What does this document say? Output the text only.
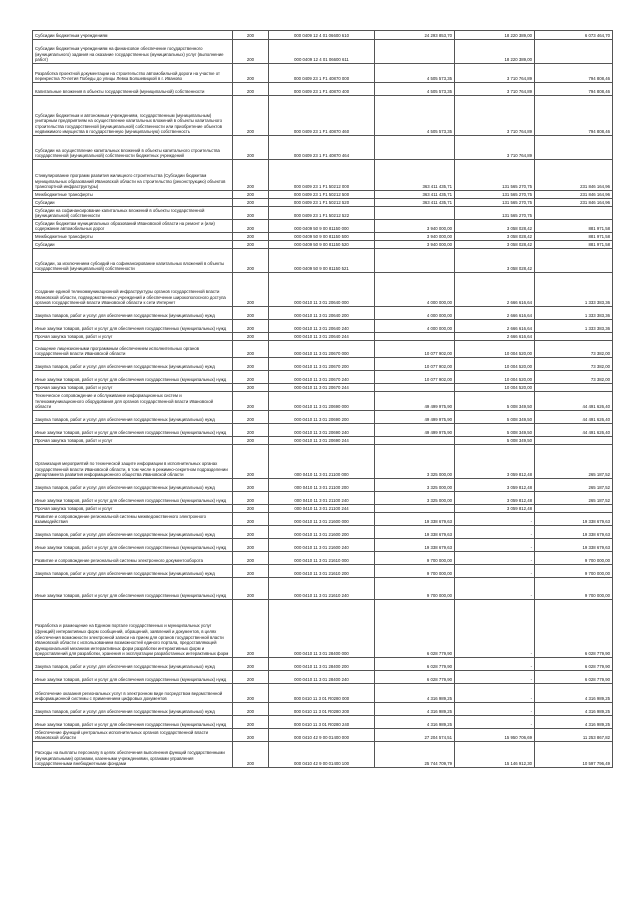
Субсидии бюджетным учреждениям	200	000 0409 12 4 01 06600 610	24 293 853,70	18 220 389,00	6 073 464,70
Субсидии бюджетным учреждениям на финансовое обеспечение государственного (муниципального) задания на оказание государственных (муниципальных) услуг (выполнение работ)	200	000 0409 12 4 01 06600 611		18 220 389,00	
Разработка проектной документации на строительство автомобильной дороги на участке от перекрестка 70-летия Победы до улицы Левка Болшевицкой в г. Иваново	200	000 0409 23 1 F1 40870 000	4 505 573,35	3 710 764,89	794 808,46
Капитальные вложения в объекты государственной (муниципальной) собственности	200	000 0409 23 1 F1 40870 400	4 505 573,35	3 710 764,89	794 808,46
Субсидии бюджетным и автономным учреждениям, государственным (муниципальным) унитарным предприятиям на осуществление капитальных вложений в объекты капитального строительства государственной (муниципальной) собственности или приобретение объектов недвижимого имущества в государственную (муниципальную) собственность	200	000 0409 23 1 F1 40870 460	4 505 573,35	3 710 764,89	794 808,46
Субсидии на осуществление капитальных вложений в объекты капитального строительства государственной (муниципальной) собственности бюджетных учреждений	200	000 0409 23 1 F1 40870 464		3 710 764,89	
Стимулирование программ развития жилищного строительства (Субсидии бюджетам муниципальных образований Ивановской области на строительство (реконструкцию) объектов транспортной инфраструктуры)	200	000 0409 23 1 F1 50212 000	363 411 435,71	131 565 270,75	231 846 164,96
Межбюджетные трансферты	200	000 0409 23 1 F1 50212 500	363 411 435,71	131 565 270,75	231 846 164,96
Субсидии	200	000 0409 23 1 F1 50212 520	363 411 435,71	131 565 270,75	231 846 164,96
Субсидии на софинансирование капитальных вложений в объекты государственной (муниципальной) собственности	200	000 0409 23 1 F1 50212 522		131 565 270,75	
Субсидии бюджетам муниципальных образований Ивановской области на ремонт и (или) содержание автомобильных дорог	200	000 0409 50 9 00 81150 000	3 940 000,00	3 058 028,42	881 971,58
Межбюджетные трансферты	200	000 0409 50 9 00 81150 500	3 940 000,00	3 058 028,42	881 971,58
Субсидии	200	000 0409 50 9 00 81150 520	3 940 000,00	3 058 028,42	881 971,58
Субсидии, за исключением субсидий на софинансирование капитальных вложений в объекты государственной (муниципальной) собственности	200	000 0409 50 9 00 81150 521		3 058 028,42	
Создание единой телекоммуникационной инфраструктуры органов государственной власти Ивановской области, подведомственных учреждений и обеспечение широкополосного доступа органов государственной власти Ивановской области к сети Интернет	200	000 0410 11 3 01 20640 000	4 000 000,00	2 666 616,64	1 333 383,36
Закупка товаров, работ и услуг для обеспечения государственных (муниципальных) нужд	200	000 0410 11 3 01 20640 200	4 000 000,00	2 666 616,64	1 333 383,36
Иные закупки товаров, работ и услуг для обеспечения государственных (муниципальных) нужд	200	000 0410 11 3 01 20640 240	4 000 000,00	2 666 616,64	1 333 383,36
Прочая закупка товаров, работ и услуг	200	000 0410 11 3 01 20640 244		2 666 616,64	
Снащение лицензионными программным обеспечением исполнительных органов государственной власти Ивановской области	200	000 0410 11 3 01 20670 000	10 077 902,00	10 004 520,00	73 382,00
Закупка товаров, работ и услуг для обеспечения государственных (муниципальных) нужд	200	000 0410 11 3 01 20670 200	10 077 902,00	10 004 520,00	73 382,00
Иные закупки товаров, работ и услуг для обеспечения государственных (муниципальных) нужд	200	000 0410 11 3 01 20670 240	10 077 902,00	10 004 520,00	73 382,00
Прочая закупка товаров, работ и услуг	200	000 0410 11 3 01 20670 244		10 004 520,00	
Техническое сопровождение и обслуживание информационных систем и телекоммуникационного оборудования для органов государственной власти Ивановской области	200	000 0410 11 3 01 20690 000	49 499 975,90	5 008 349,50	44 491 626,40
Закупка товаров, работ и услуг для обеспечения государственных (муниципальных) нужд	200	000 0410 11 3 01 20690 200	49 499 975,90	5 008 349,50	44 491 626,40
Иные закупки товаров, работ и услуг для обеспечения государственных (муниципальных) нужд	200	000 0410 11 3 01 20690 240	49 499 975,90	5 008 349,50	44 491 626,40
Прочая закупка товаров, работ и услуг	200	000 0410 11 3 01 20690 244		5 008 349,50	
Организация мероприятий по технической защите информации в исполнительных органах государственной власти Ивановской области, в том числе в режимно-секретном подразделении Департамента развития информационного общества Ивановской области	200	000 0410 11 3 01 21100 000	3 325 000,00	3 059 812,48	265 187,52
Закупка товаров, работ и услуг для обеспечения государственных (муниципальных) нужд	200	000 0410 11 3 01 21100 200	3 325 000,00	3 059 812,48	265 187,52
Иные закупки товаров, работ и услуг для обеспечения государственных (муниципальных) нужд	200	000 0410 11 3 01 21100 240	3 325 000,00	3 059 812,48	265 187,52
Прочая закупка товаров, работ и услуг	200	000 0410 11 3 01 21100 244		3 059 812,48	
Развитие и сопровождение региональной системы межведомственного электронного взаимодействия	200	000 0410 11 3 01 21600 000	19 338 679,63	-	19 338 679,63
Закупка товаров, работ и услуг для обеспечения государственных (муниципальных) нужд	200	000 0410 11 3 01 21600 200	19 338 679,63	-	19 338 679,63
Иные закупки товаров, работ и услуг для обеспечения государственных (муниципальных) нужд	200	000 0410 11 3 01 21600 240	19 338 679,63	-	19 338 679,63
Развитие и сопровождение региональной системы электронного документооборота	200	000 0410 11 3 01 21610 000	9 700 000,00	-	9 700 000,00
Закупка товаров, работ и услуг для обеспечения государственных (муниципальных) нужд	200	000 0410 11 3 01 21610 200	9 700 000,00	-	9 700 000,00
Иные закупки товаров, работ и услуг для обеспечения государственных (муниципальных) нужд	200	000 0410 11 3 01 21610 240	9 700 000,00	-	9 700 000,00
Разработка и размещение на Едином портале государственных и муниципальных услуг (функций) интерактивных форм сообщений, обращений, заявлений и документов, в целях обеспечения возможности электронной записи на прием для органов государственной власти Ивановской области с использованием возможностей единого портала, предоставляющей функциональной механизм интерактивных форм разработки интерактивных форм и предоставлений для разработки, хранения и эксплуатации разработанных интерактивных форм	200	000 0410 11 3 01 28400 000	6 028 779,90	-	6 028 779,90
Закупка товаров, работ и услуг для обеспечения государственных (муниципальных) нужд	200	000 0410 11 3 01 28400 200	6 028 779,90	-	6 028 779,90
Иные закупки товаров, работ и услуг для обеспечения государственных (муниципальных) нужд	200	000 0410 11 3 01 28400 240	6 028 779,90	-	6 028 779,90
Обеспечение оказания региональных услуг в электронном виде посредством ведомственной информационной системы с применением цифровых документов	200	000 0410 11 3 01 R0280 000	4 316 989,25	-	4 316 989,25
Закупка товаров, работ и услуг для обеспечения государственных (муниципальных) нужд	200	000 0410 11 3 01 R0280 200	4 316 989,25	-	4 316 989,25
Иные закупки товаров, работ и услуг для обеспечения государственных (муниципальных) нужд	200	000 0410 11 3 01 R0280 240	4 316 989,25	-	4 316 989,25
Обеспечение функций центральных исполнительных органов государственной власти Ивановской области	200	000 0410 42 9 00 01400 000	27 204 574,51	15 950 706,69	11 253 867,82
Расходы на выплаты персоналу в целях обеспечения выполнения функций государственными (муниципальными) органами, казенными учреждениями, органами управления государственными внебюджетными фондами	200	000 0410 42 9 00 01400 100	25 744 709,79	15 146 912,30	10 597 796,49
